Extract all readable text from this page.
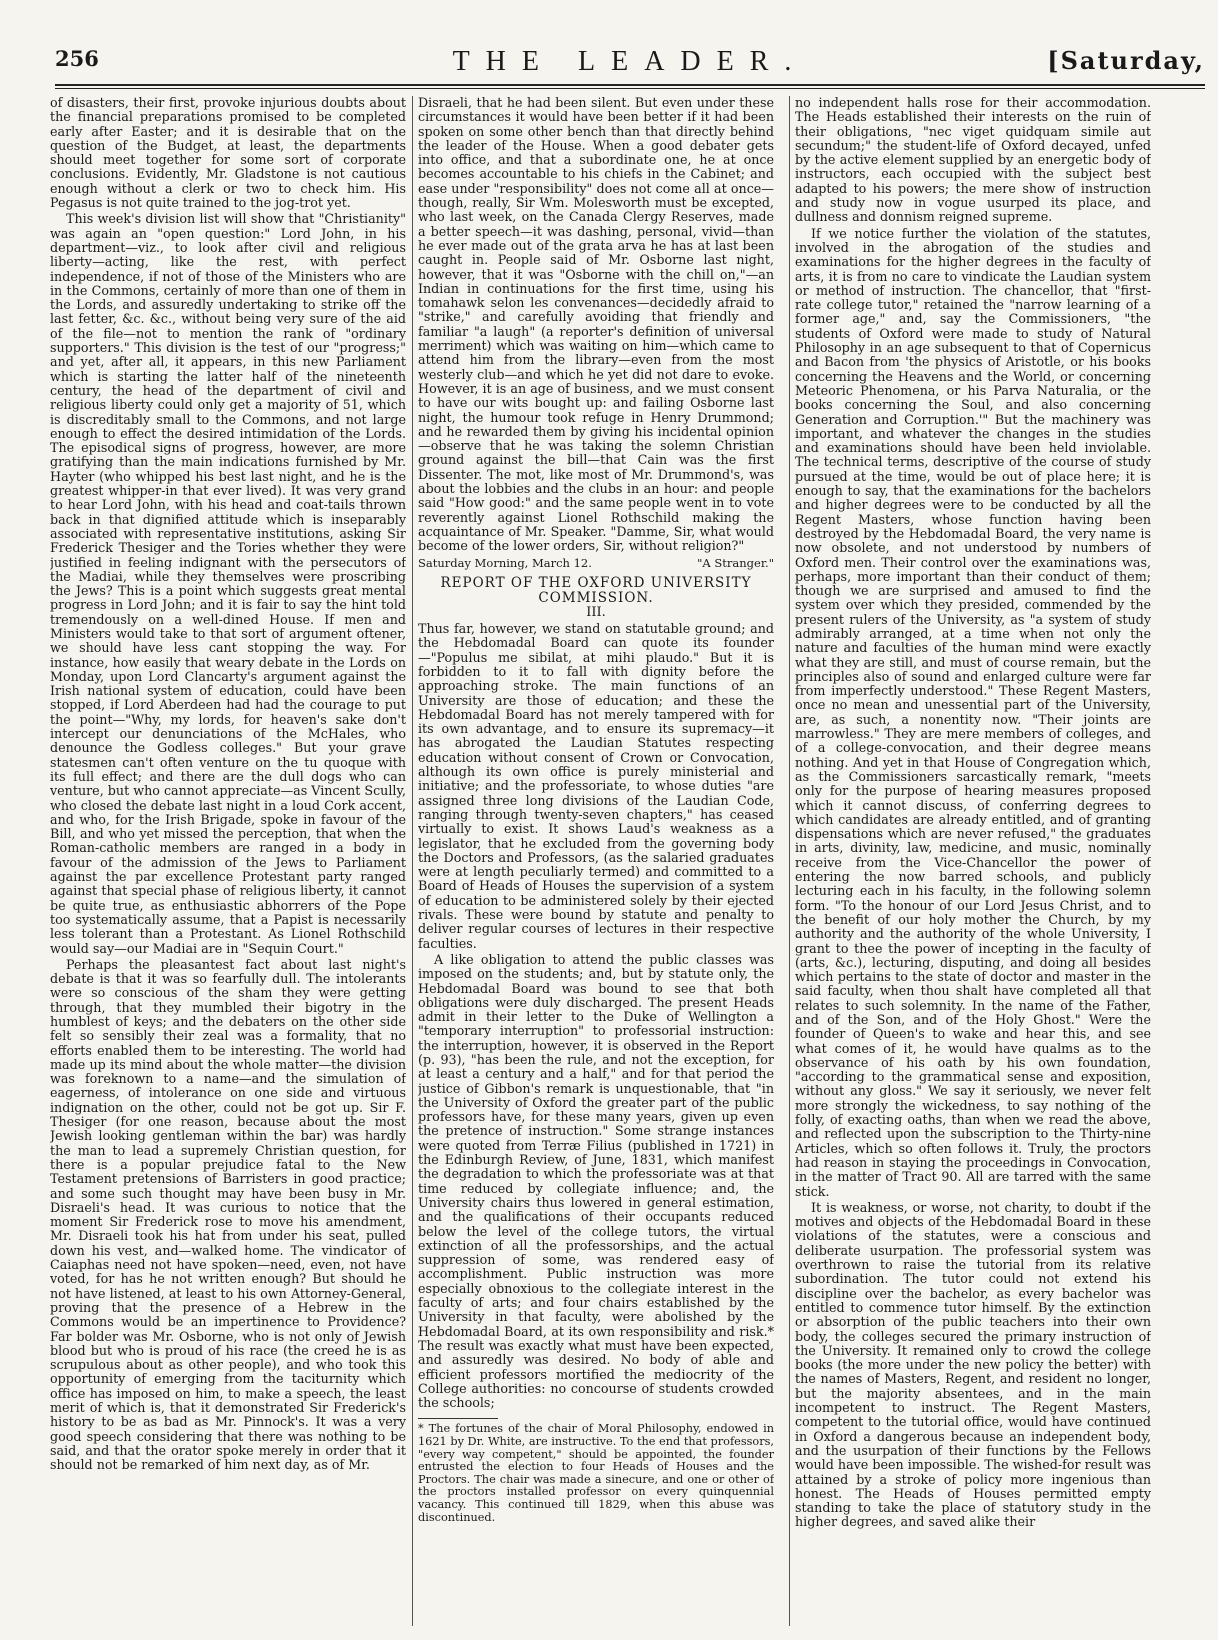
256	THE LEADER.	[Saturday,

of disasters, their first, provoke injurious doubts about the financial preparations promised to be completed early after Easter; and it is desirable that on the question of the Budget, at least, the departments should meet together for some sort of corporate conclusions. Evidently, Mr. Gladstone is not cautious enough without a clerk or two to check him. His Pegasus is not quite trained to the jog-trot yet.

This week's division list will show that "Christianity" was again an "open question:" Lord John, in his department—viz., to look after civil and religious liberty—acting, like the rest, with perfect independence, if not of those of the Ministers who are in the Commons, certainly of more than one of them in the Lords, and assuredly undertaking to strike off the last fetter, &c. &c., without being very sure of the aid of the file—not to mention the rank of "ordinary supporters." This division is the test of our "progress;" and yet, after all, it appears, in this new Parliament which is starting the latter half of the nineteenth century, the head of the department of civil and religious liberty could only get a majority of 51, which is discreditably small to the Commons, and not large enough to effect the desired intimidation of the Lords. The episodical signs of progress, however, are more gratifying than the main indications furnished by Mr. Hayter (who whipped his best last night, and he is the greatest whipper-in that ever lived). It was very grand to hear Lord John, with his head and coat-tails thrown back in that dignified attitude which is inseparably associated with representative institutions, asking Sir Frederick Thesiger and the Tories whether they were justified in feeling indignant with the persecutors of the Madiai, while they themselves were proscribing the Jews? This is a point which suggests great mental progress in Lord John; and it is fair to say the hint told tremendously on a well-dined House. If men and Ministers would take to that sort of argument oftener, we should have less cant stopping the way. For instance, how easily that weary debate in the Lords on Monday, upon Lord Clancarty's argument against the Irish national system of education, could have been stopped, if Lord Aberdeen had had the courage to put the point—"Why, my lords, for heaven's sake don't intercept our denunciations of the McHales, who denounce the Godless colleges." But your grave statesmen can't often venture on the tu quoque with its full effect; and there are the dull dogs who can venture, but who cannot appreciate—as Vincent Scully, who closed the debate last night in a loud Cork accent, and who, for the Irish Brigade, spoke in favour of the Bill, and who yet missed the perception, that when the Roman-catholic members are ranged in a body in favour of the admission of the Jews to Parliament against the par excellence Protestant party ranged against that special phase of religious liberty, it cannot be quite true, as enthusiastic abhorrers of the Pope too systematically assume, that a Papist is necessarily less tolerant than a Protestant. As Lionel Rothschild would say—our Madiai are in "Sequin Court."

Perhaps the pleasantest fact about last night's debate is that it was so fearfully dull. The intolerants were so conscious of the sham they were getting through, that they mumbled their bigotry in the humblest of keys; and the debaters on the other side felt so sensibly their zeal was a formality, that no efforts enabled them to be interesting. The world had made up its mind about the whole matter—the division was foreknown to a name—and the simulation of eagerness, of intolerance on one side and virtuous indignation on the other, could not be got up. Sir F. Thesiger (for one reason, because about the most Jewish looking gentleman within the bar) was hardly the man to lead a supremely Christian question, for there is a popular prejudice fatal to the New Testament pretensions of Barristers in good practice; and some such thought may have been busy in Mr. Disraeli's head. It was curious to notice that the moment Sir Frederick rose to move his amendment, Mr. Disraeli took his hat from under his seat, pulled down his vest, and—walked home. The vindicator of Caiaphas need not have spoken—need, even, not have voted, for has he not written enough? But should he not have listened, at least to his own Attorney-General, proving that the presence of a Hebrew in the Commons would be an impertinence to Providence? Far bolder was Mr. Osborne, who is not only of Jewish blood but who is proud of his race (the creed he is as scrupulous about as other people), and who took this opportunity of emerging from the taciturnity which office has imposed on him, to make a speech, the least merit of which is, that it demonstrated Sir Frederick's history to be as bad as Mr. Pinnock's. It was a very good speech considering that there was nothing to be said, and that the orator spoke merely in order that it should not be remarked of him next day, as of Mr.

Disraeli, that he had been silent. But even under these circumstances it would have been better if it had been spoken on some other bench than that directly behind the leader of the House. When a good debater gets into office, and that a subordinate one, he at once becomes accountable to his chiefs in the Cabinet; and ease under "responsibility" does not come all at once—though, really, Sir Wm. Molesworth must be excepted, who last week, on the Canada Clergy Reserves, made a better speech—it was dashing, personal, vivid—than he ever made out of the grata arva he has at last been caught in. People said of Mr. Osborne last night, however, that it was "Osborne with the chill on,"—an Indian in continuations for the first time, using his tomahawk selon les convenances—decidedly afraid to "strike," and carefully avoiding that friendly and familiar "a laugh" (a reporter's definition of universal merriment) which was waiting on him—which came to attend him from the library—even from the most westerly club—and which he yet did not dare to evoke. However, it is an age of business, and we must consent to have our wits bought up: and failing Osborne last night, the humour took refuge in Henry Drummond; and he rewarded them by giving his incidental opinion—observe that he was taking the solemn Christian ground against the bill—that Cain was the first Dissenter. The mot, like most of Mr. Drummond's, was about the lobbies and the clubs in an hour: and people said "How good:" and the same people went in to vote reverently against Lionel Rothschild making the acquaintance of Mr. Speaker. "Damme, Sir, what would become of the lower orders, Sir, without religion?"

Saturday Morning, March 12.	"A Stranger."
REPORT OF THE OXFORD UNIVERSITY COMMISSION.
III.

Thus far, however, we stand on statutable ground; and the Hebdomadal Board can quote its founder—"Populus me sibilat, at mihi plaudo." But it is forbidden to it to fall with dignity before the approaching stroke. The main functions of an University are those of education; and these the Hebdomadal Board has not merely tampered with for its own advantage, and to ensure its supremacy—it has abrogated the Laudian Statutes respecting education without consent of Crown or Convocation, although its own office is purely ministerial and initiative; and the professoriate, to whose duties "are assigned three long divisions of the Laudian Code, ranging through twenty-seven chapters," has ceased virtually to exist. It shows Laud's weakness as a legislator, that he excluded from the governing body the Doctors and Professors, (as the salaried graduates were at length peculiarly termed) and committed to a Board of Heads of Houses the supervision of a system of education to be administered solely by their ejected rivals. These were bound by statute and penalty to deliver regular courses of lectures in their respective faculties.

A like obligation to attend the public classes was imposed on the students; and, but by statute only, the Hebdomadal Board was bound to see that both obligations were duly discharged. The present Heads admit in their letter to the Duke of Wellington a "temporary interruption" to professorial instruction: the interruption, however, it is observed in the Report (p. 93), "has been the rule, and not the exception, for at least a century and a half," and for that period the justice of Gibbon's remark is unquestionable, that "in the University of Oxford the greater part of the public professors have, for these many years, given up even the pretence of instruction." Some strange instances were quoted from Terræ Filius (published in 1721) in the Edinburgh Review, of June, 1831, which manifest the degradation to which the professoriate was at that time reduced by collegiate influence; and, the University chairs thus lowered in general estimation, and the qualifications of their occupants reduced below the level of the college tutors, the virtual extinction of all the professorships, and the actual suppression of some, was rendered easy of accomplishment. Public instruction was more especially obnoxious to the collegiate interest in the faculty of arts; and four chairs established by the University in that faculty, were abolished by the Hebdomadal Board, at its own responsibility and risk.* The result was exactly what must have been expected, and assuredly was desired. No body of able and efficient professors mortified the mediocrity of the College authorities: no concourse of students crowded the schools;

* The fortunes of the chair of Moral Philosophy, endowed in 1621 by Dr. White, are instructive. To the end that professors, "every way competent," should be appointed, the founder entrusted the election to four Heads of Houses and the Proctors. The chair was made a sinecure, and one or other of the proctors installed professor on every quinquennial vacancy. This continued till 1829, when this abuse was discontinued.

no independent halls rose for their accommodation. The Heads established their interests on the ruin of their obligations, "nec viget quidquam simile aut secundum;" the student-life of Oxford decayed, unfed by the active element supplied by an energetic body of instructors, each occupied with the subject best adapted to his powers; the mere show of instruction and study now in vogue usurped its place, and dullness and donnism reigned supreme.

If we notice further the violation of the statutes, involved in the abrogation of the studies and examinations for the higher degrees in the faculty of arts, it is from no care to vindicate the Laudian system or method of instruction. The chancellor, that "first-rate college tutor," retained the "narrow learning of a former age," and, say the Commissioners, "the students of Oxford were made to study of Natural Philosophy in an age subsequent to that of Copernicus and Bacon from 'the physics of Aristotle, or his books concerning the Heavens and the World, or concerning Meteoric Phenomena, or his Parva Naturalia, or the books concerning the Soul, and also concerning Generation and Corruption.'" But the machinery was important, and whatever the changes in the studies and examinations should have been held inviolable. The technical terms, descriptive of the course of study pursued at the time, would be out of place here; it is enough to say, that the examinations for the bachelors and higher degrees were to be conducted by all the Regent Masters, whose function having been destroyed by the Hebdomadal Board, the very name is now obsolete, and not understood by numbers of Oxford men. Their control over the examinations was, perhaps, more important than their conduct of them; though we are surprised and amused to find the system over which they presided, commended by the present rulers of the University, as "a system of study admirably arranged, at a time when not only the nature and faculties of the human mind were exactly what they are still, and must of course remain, but the principles also of sound and enlarged culture were far from imperfectly understood." These Regent Masters, once no mean and unessential part of the University, are, as such, a nonentity now. "Their joints are marrowless." They are mere members of colleges, and of a college-convocation, and their degree means nothing. And yet in that House of Congregation which, as the Commissioners sarcastically remark, "meets only for the purpose of hearing measures proposed which it cannot discuss, of conferring degrees to which candidates are already entitled, and of granting dispensations which are never refused," the graduates in arts, divinity, law, medicine, and music, nominally receive from the Vice-Chancellor the power of entering the now barred schools, and publicly lecturing each in his faculty, in the following solemn form. "To the honour of our Lord Jesus Christ, and to the benefit of our holy mother the Church, by my authority and the authority of the whole University, I grant to thee the power of incepting in the faculty of (arts, &c.), lecturing, disputing, and doing all besides which pertains to the state of doctor and master in the said faculty, when thou shalt have completed all that relates to such solemnity. In the name of the Father, and of the Son, and of the Holy Ghost." Were the founder of Queen's to wake and hear this, and see what comes of it, he would have qualms as to the observance of his oath by his own foundation, "according to the grammatical sense and exposition, without any gloss." We say it seriously, we never felt more strongly the wickedness, to say nothing of the folly, of exacting oaths, than when we read the above, and reflected upon the subscription to the Thirty-nine Articles, which so often follows it. Truly, the proctors had reason in staying the proceedings in Convocation, in the matter of Tract 90. All are tarred with the same stick.

It is weakness, or worse, not charity, to doubt if the motives and objects of the Hebdomadal Board in these violations of the statutes, were a conscious and deliberate usurpation. The professorial system was overthrown to raise the tutorial from its relative subordination. The tutor could not extend his discipline over the bachelor, as every bachelor was entitled to commence tutor himself. By the extinction or absorption of the public teachers into their own body, the colleges secured the primary instruction of the University. It remained only to crowd the college books (the more under the new policy the better) with the names of Masters, Regent, and resident no longer, but the majority absentees, and in the main incompetent to instruct. The Regent Masters, competent to the tutorial office, would have continued in Oxford a dangerous because an independent body, and the usurpation of their functions by the Fellows would have been impossible. The wished-for result was attained by a stroke of policy more ingenious than honest. The Heads of Houses permitted empty standing to take the place of statutory study in the higher degrees, and saved alike their
